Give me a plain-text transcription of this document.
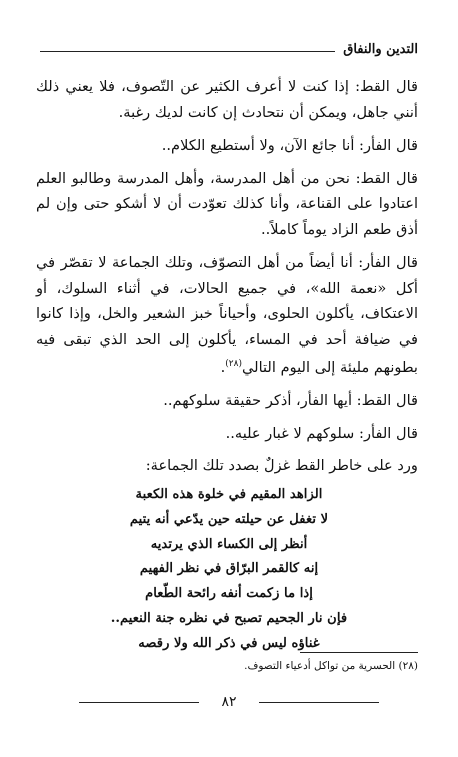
التدين والنفاق

قال القط: إذا كنت لا أعرف الكثير عن التّصوف، فلا يعني ذلك أنني جاهل، ويمكن أن نتحادث إن كانت لديك رغبة.

قال الفأر: أنا جائع الآن، ولا أستطيع الكلام..

قال القط: نحن من أهل المدرسة، وأهل المدرسة وطالبو العلم اعتادوا على القناعة، وأنا كذلك تعوّدت أن لا أشكو حتى وإن لم أذق طعم الزاد يوماً كاملاً..

قال الفأر: أنا أيضاً من أهل التصوّف، وتلك الجماعة لا تقصّر في أكل «نعمة الله»، في جميع الحالات، في أثناء السلوك، أو الاعتكاف، يأكلون الحلوى، وأحياناً خبز الشعير والخل، وإذا كانوا في ضيافة أحد في المساء، يأكلون إلى الحد الذي تبقى فيه بطونهم مليئة إلى اليوم التالي$^{(٢٨)}$.

قال القط: أيها الفأر، أذكر حقيقة سلوكهم..

قال الفأر: سلوكهم لا غبار عليه..

ورد على خاطر القط غزلٌ بصدد تلك الجماعة:

الزاهد المقيم في خلوة هذه الكعبة
لا تغفل عن حيلته حين يدّعي أنه يتيم
أنظر إلى الكساء الذي يرتديه
إنه كالقمر البرّاق في نظر الفهيم
إذا ما زكمت أنفه رائحة الطّعام
فإن نار الجحيم تصبح في نظره جنة النعيم..
غناؤه ليس في ذكر الله ولا رقصه
(٢٨) الحسرية من تواكل أدعياء التصوف.
٨٢
